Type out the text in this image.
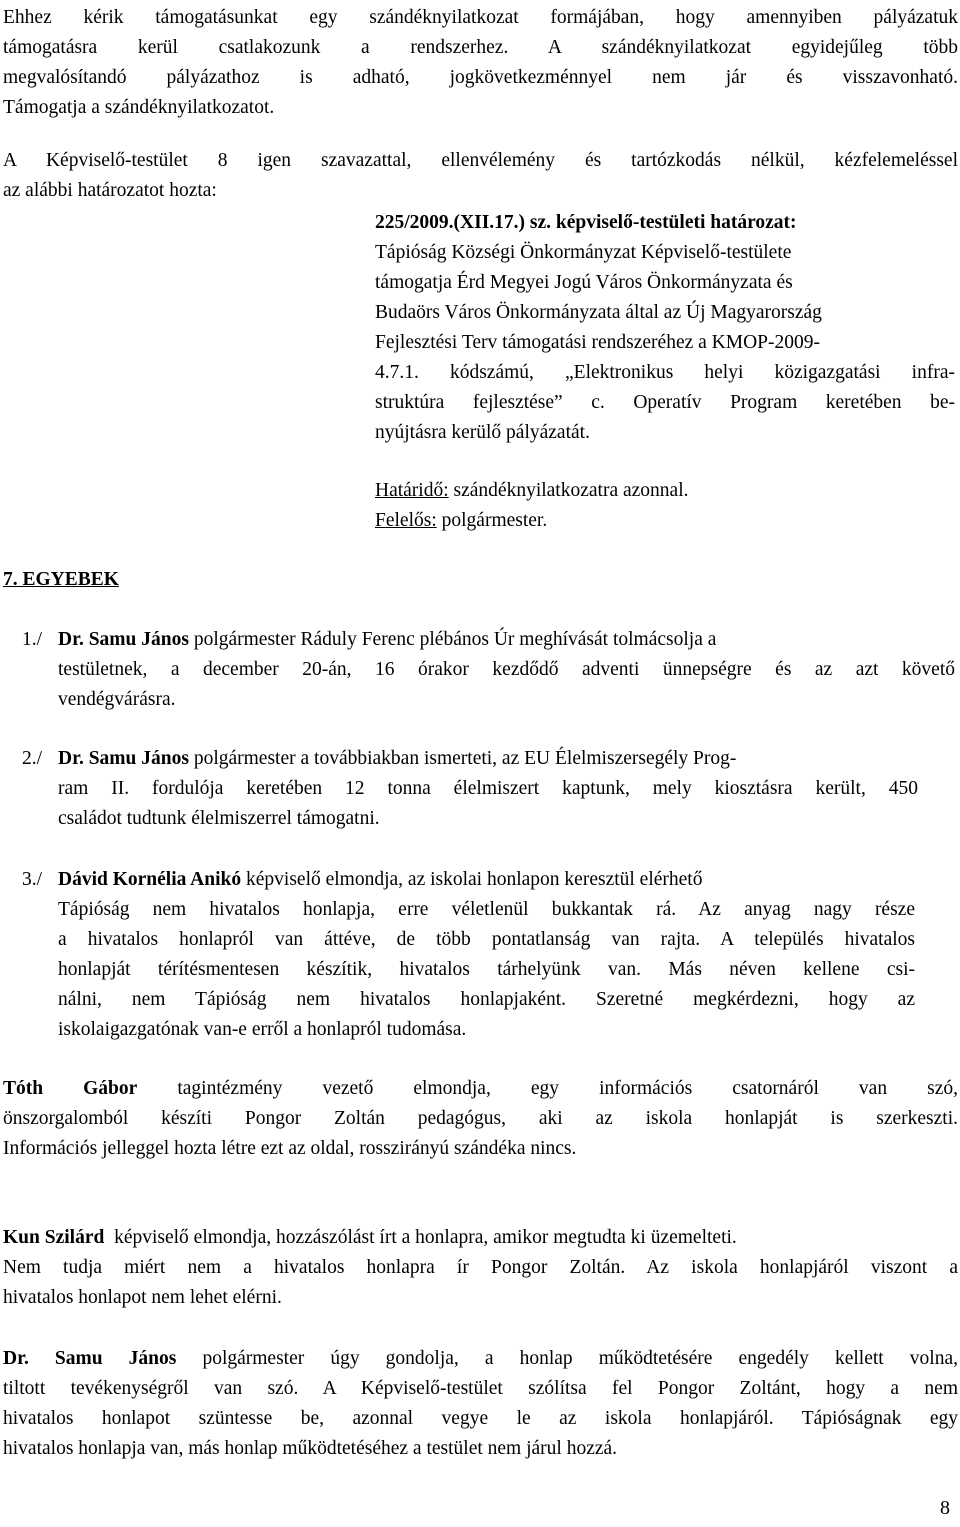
Ehhez kérik támogatásunkat egy szándéknyilatkozat formájában, hogy amennyiben pályázatuk
támogatásra kerül csatlakozunk a rendszerhez. A szándéknyilatkozat egyidejűleg több
megvalósítandó pályázathoz is adható, jogkövetkezménnyel nem jár és visszavonható.
Támogatja a szándéknyilatkozatot.
A Képviselő-testület 8 igen szavazattal, ellenvélemény és tartózkodás nélkül, kézfelemeléssel
az alábbi határozatot hozta:
225/2009.(XII.17.) sz. képviselő-testületi határozat:
Tápióság Községi Önkormányzat Képviselő-testülete
támogatja Érd Megyei Jogú Város Önkormányzata és
Budaörs Város Önkormányzata által az Új Magyarország
Fejlesztési Terv támogatási rendszeréhez a KMOP-2009-
4.7.1. kódszámú, „Elektronikus helyi közigazgatási infra-
struktúra fejlesztése” c. Operatív Program keretében be-
nyújtásra kerülő pályázatát.
Határidő: szándéknyilatkozatra azonnal.
Felelős: polgármester.
7. EGYEBEK
1./ Dr. Samu János polgármester Ráduly Ferenc plébános Úr meghívását tolmácsolja a
testületnek, a december 20-án, 16 órakor kezdődő adventi ünnepségre és az azt követő
vendégvárásra.
2./ Dr. Samu János polgármester a továbbiakban ismerteti, az EU Élelmiszersegély Prog-
ram II. fordulója keretében 12 tonna élelmiszert kaptunk, mely kiosztásra került, 450
családot tudtunk élelmiszerrel támogatni.
3./ Dávid Kornélia Anikó képviselő elmondja, az iskolai honlapon keresztül elérhető
Tápióság nem hivatalos honlapja, erre véletlenül bukkantak rá. Az anyag nagy része
a hivatalos honlapról van áttéve, de több pontatlanság van rajta. A település hivatalos
honlapját térítésmentesen készítik, hivatalos tárhelyünk van. Más néven kellene csi-
nálni, nem Tápióság nem hivatalos honlapjaként. Szeretné megkérdezni, hogy az
iskolaigazgatónak van-e erről a honlapról tudomása.
Tóth Gábor tagintézmény vezető elmondja, egy információs csatornáról van szó,
önszorgalomból készíti Pongor Zoltán pedagógus, aki az iskola honlapját is szerkeszti.
Információs jelleggel hozta létre ezt az oldal, rosszirányú szándéka nincs.
Kun Szilárd  képviselő elmondja, hozzászólást írt a honlapra, amikor megtudta ki üzemelteti.
Nem tudja miért nem a hivatalos honlapra ír Pongor Zoltán. Az iskola honlapjáról viszont a
hivatalos honlapot nem lehet elérni.
Dr. Samu János polgármester úgy gondolja, a honlap működtetésére engedély kellett volna,
tiltott tevékenységről van szó. A Képviselő-testület szólítsa fel Pongor Zoltánt, hogy a nem
hivatalos honlapot szüntesse be, azonnal vegye le az iskola honlapjáról. Tápióságnak egy
hivatalos honlapja van, más honlap működtetéséhez a testület nem járul hozzá.
8
